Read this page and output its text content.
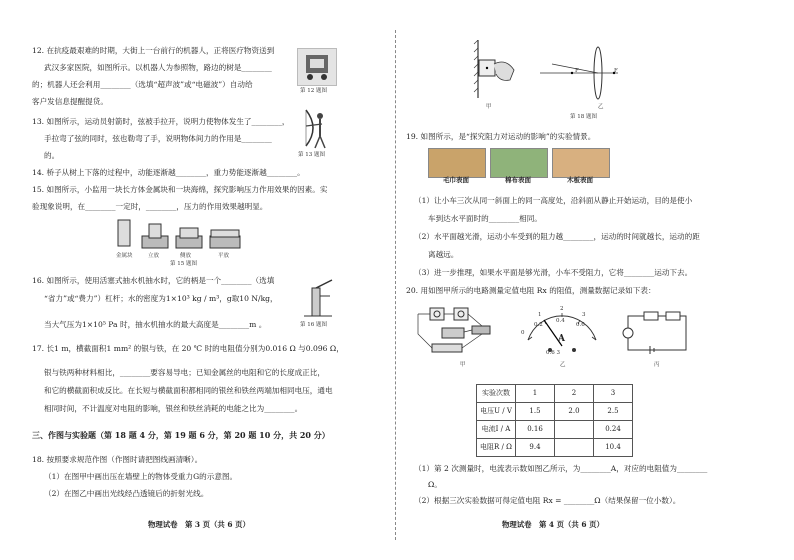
12. 在抗疫最艰难的时期，大街上一台前行的机器人，正将医疗物资送到
武汉多家医院，如图所示。以机器人为参照物，路边的树是________
的；机器人还会利用________（选填“超声波”或“电磁波”）自动给
客户发信息提醒提货。
第 12 题图
13. 如图所示，运动员射箭时，弦被手拉开，说明力使物体发生了________，
手拉弯了弦的同时，弦也勒弯了手，说明物体间力的作用是________
的。	第 13 题图
14. 桥子从树上下落的过程中，动能逐渐越________，重力势能逐渐越________。
15. 如图所示，小监用一块长方体金属块和一块海绵，探究影响压力作用效果的因素。实
验现象说明，在________一定时，________，压力的作用效果越明显。
金属块	立放	侧放	平放
第 15 题图
16. 如图所示，使用活塞式抽水机抽水时，它的柄是一个________（选填
“省力”或“费力”）杠杆；水的密度为1×10³ kg / m³，g取10 N/kg，
当大气压为1×10⁵ Pa 时，抽水机抽水的最大高度是________m 。	第 16 题图
17. 长1 m，横截面积1 mm² 的银与铁，在 20 ℃ 时的电阻值分别为0.016 Ω 与0.096 Ω，
银与铁两种材料相比，________要容易导电；已知金属丝的电阻和它的长度成正比，
和它的横截面积成反比。在长短与横截面积都相同的银丝和铁丝两端加相同电压，通电
相同时间，不计温度对电阻的影响，银丝和铁丝消耗的电能之比为________。
三、作图与实验题（第 18 题 4 分，第 19 题 6 分，第 20 题 10 分，共 20 分）
18. 按照要求规范作图（作图时请把图线画清晰）。
（1）在图甲中画出压在墙壁上的物体受重力G的示意图。
（2）在图乙中画出光线经凸透镜后的折射光线。
物理试卷　第 3 页（共 6 页）
F	F
甲	乙
第 18 题图
19. 如图所示，是“探究阻力对运动的影响”的实验情景。
毛巾表面	棉布表面	木板表面
（1）让小车三次从同一斜面上的同一高度处，沿斜面从静止开始运动，目的是使小
车到达水平面时的________相同。
（2）水平面越光滑，运动小车受到的阻力越________，运动的时间就越长，运动的距
离越远。
（3）进一步推理，如果水平面是够光滑，小车不受阻力，它将________运动下去。
20. 用如图甲所示的电路测量定值电阻 Rx 的阻值，测量数据记录如下表：
0
1
2
3
0.2
0.4
0.6
A
0.6 3
甲	乙	丙
实验次数	1	2	3
电压U / V	1.5	2.0	2.5
电流I / A	0.16		0.24
电阻R / Ω	9.4		10.4
（1）第 2 次测量时，电流表示数如图乙所示，为________A，对应的电阻值为________
Ω。
（2）根据三次实验数据可得定值电阻 Rx = ________Ω（结果保留一位小数）。
物理试卷　第 4 页（共 6 页）
